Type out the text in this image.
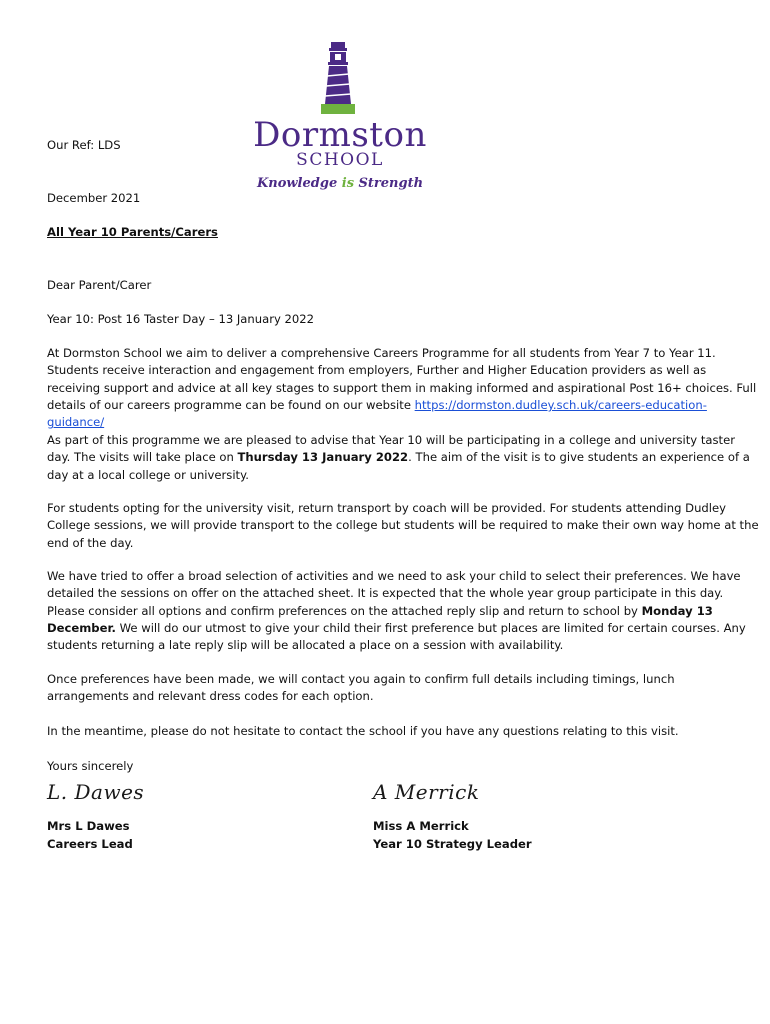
Dormston
SCHOOL
Knowledge is Strength

Our Ref: LDS

December 2021

All Year 10 Parents/Carers

Dear Parent/Carer

Year 10: Post 16 Taster Day – 13 January 2022

At Dormston School we aim to deliver a comprehensive Careers Programme for all students from Year 7 to Year 11. Students receive interaction and engagement from employers, Further and Higher Education providers as well as receiving support and advice at all key stages to support them in making informed and aspirational Post 16+ choices. Full details of our careers programme can be found on our website https://dormston.dudley.sch.uk/careers-education-guidance/

As part of this programme we are pleased to advise that Year 10 will be participating in a college and university taster day. The visits will take place on Thursday 13 January 2022. The aim of the visit is to give students an experience of a day at a local college or university.

For students opting for the university visit, return transport by coach will be provided. For students attending Dudley College sessions, we will provide transport to the college but students will be required to make their own way home at the end of the day.

We have tried to offer a broad selection of activities and we need to ask your child to select their preferences. We have detailed the sessions on offer on the attached sheet. It is expected that the whole year group participate in this day. Please consider all options and confirm preferences on the attached reply slip and return to school by Monday 13 December. We will do our utmost to give your child their first preference but places are limited for certain courses. Any students returning a late reply slip will be allocated a place on a session with availability.

Once preferences have been made, we will contact you again to confirm full details including timings, lunch arrangements and relevant dress codes for each option.

In the meantime, please do not hesitate to contact the school if you have any questions relating to this visit.

Yours sincerely

L. Dawes	A Merrick
Mrs L Dawes
Careers Lead
Miss A Merrick
Year 10 Strategy Leader
